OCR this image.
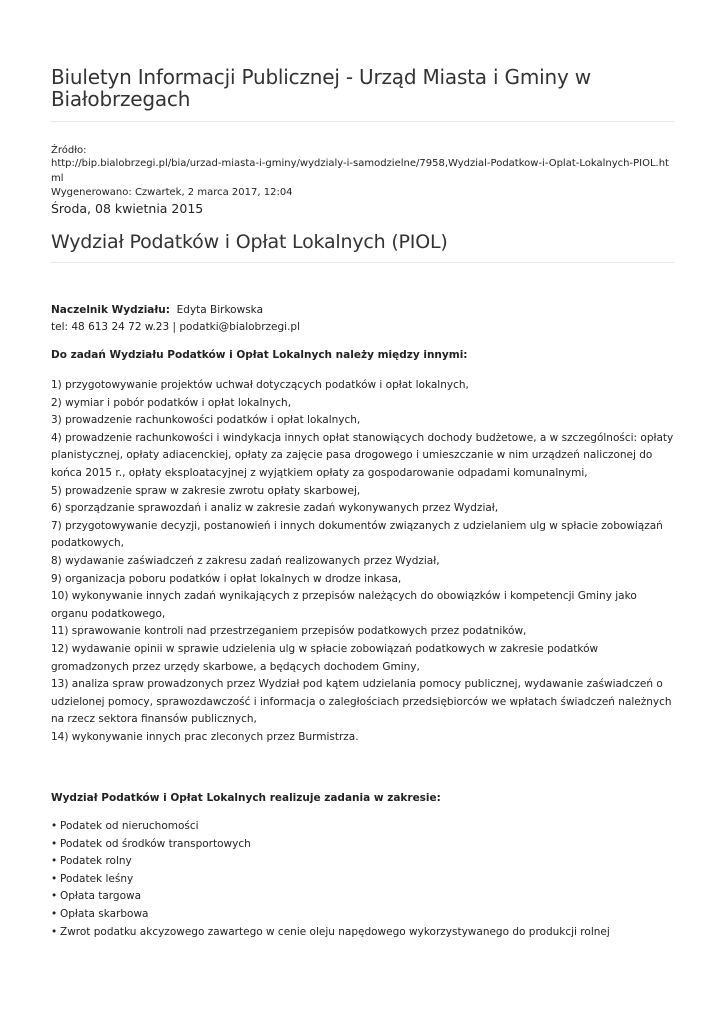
Biuletyn Informacji Publicznej - Urząd Miasta i Gminy w Białobrzegach
Źródło:
http://bip.bialobrzegi.pl/bia/urzad-miasta-i-gminy/wydzialy-i-samodzielne/7958,Wydzial-Podatkow-i-Oplat-Lokalnych-PIOL.html
Wygenerowano: Czwartek, 2 marca 2017, 12:04
Środa, 08 kwietnia 2015
Wydział Podatków i Opłat Lokalnych (PIOL)
Naczelnik Wydziału: Edyta Birkowska
tel: 48 613 24 72 w.23 | podatki@bialobrzegi.pl
Do zadań Wydziału Podatków i Opłat Lokalnych należy między innymi:
1) przygotowywanie projektów uchwał dotyczących podatków i opłat lokalnych,
2) wymiar i pobór podatków i opłat lokalnych,
3) prowadzenie rachunkowości podatków i opłat lokalnych,
4) prowadzenie rachunkowości i windykacja innych opłat stanowiących dochody budżetowe, a w szczególności: opłaty planistycznej, opłaty adiacenckiej, opłaty za zajęcie pasa drogowego i umieszczanie w nim urządzeń naliczonej do końca 2015 r., opłaty eksploatacyjnej z wyjątkiem opłaty za gospodarowanie odpadami komunalnymi,
5) prowadzenie spraw w zakresie zwrotu opłaty skarbowej,
6) sporządzanie sprawozdań i analiz w zakresie zadań wykonywanych przez Wydział,
7) przygotowywanie decyzji, postanowień i innych dokumentów związanych z udzielaniem ulg w spłacie zobowiązań podatkowych,
8) wydawanie zaświadczeń z zakresu zadań realizowanych przez Wydział,
9) organizacja poboru podatków i opłat lokalnych w drodze inkasa,
10) wykonywanie innych zadań wynikających z przepisów należących do obowiązków i kompetencji Gminy jako organu podatkowego,
11) sprawowanie kontroli nad przestrzeganiem przepisów podatkowych przez podatników,
12) wydawanie opinii w sprawie udzielenia ulg w spłacie zobowiązań podatkowych w zakresie podatków gromadzonych przez urzędy skarbowe, a będących dochodem Gminy,
13) analiza spraw prowadzonych przez Wydział pod kątem udzielania pomocy publicznej, wydawanie zaświadczeń o udzielonej pomocy, sprawozdawczość i informacja o zaległościach przedsiębiorców we wpłatach świadczeń należnych na rzecz sektora finansów publicznych,
14) wykonywanie innych prac zleconych przez Burmistrza.
Wydział Podatków i Opłat Lokalnych realizuje zadania w zakresie:
• Podatek od nieruchomości
• Podatek od środków transportowych
• Podatek rolny
• Podatek leśny
• Opłata targowa
• Opłata skarbowa
• Zwrot podatku akcyzowego zawartego w cenie oleju napędowego wykorzystywanego do produkcji rolnej
